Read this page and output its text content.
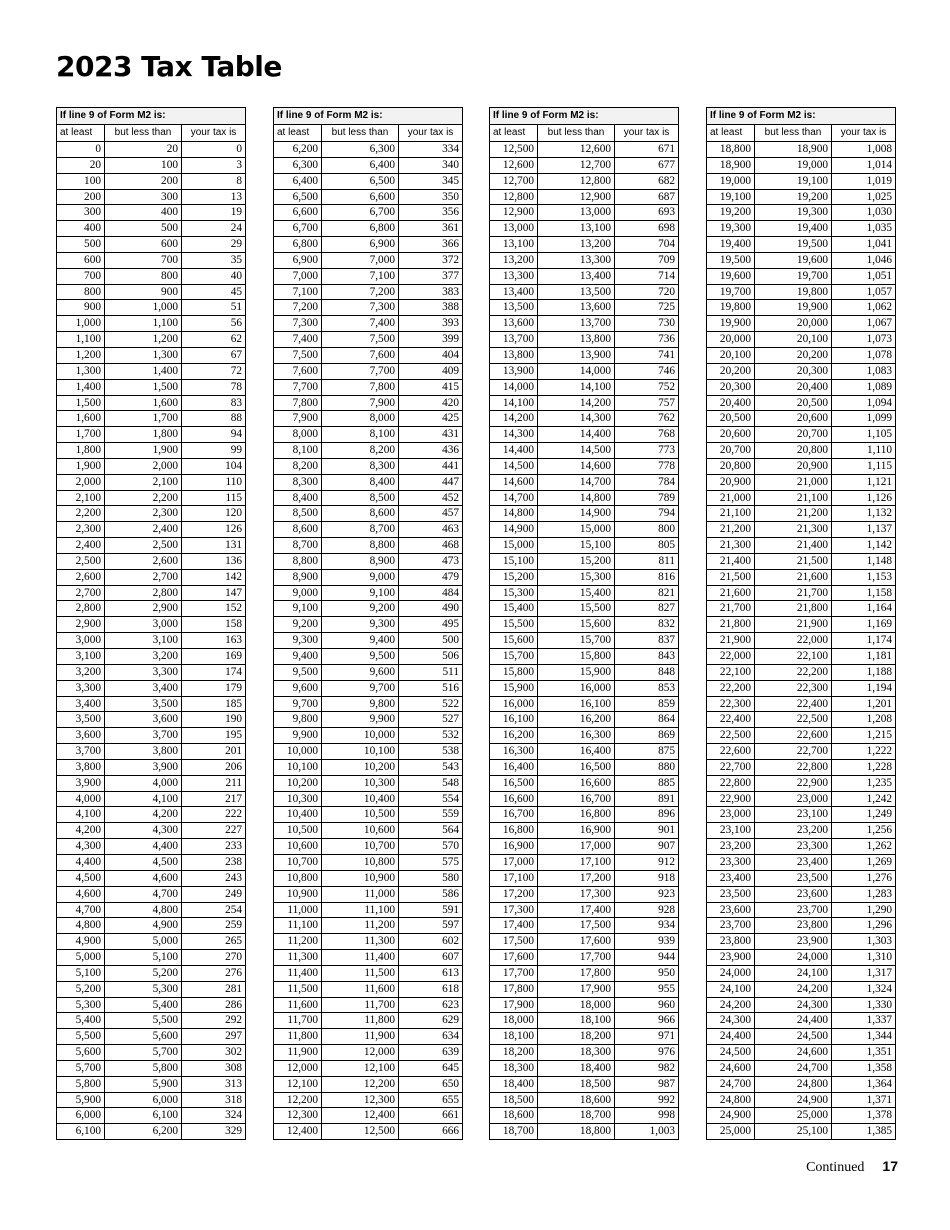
2023 Tax Table
If line 9 of Form M2 is:		
at least	but less than	your tax is
0	20	0
20	100	3
100	200	8
200	300	13
300	400	19
400	500	24
500	600	29
600	700	35
700	800	40
800	900	45
900	1,000	51
1,000	1,100	56
1,100	1,200	62
1,200	1,300	67
1,300	1,400	72
1,400	1,500	78
1,500	1,600	83
1,600	1,700	88
1,700	1,800	94
1,800	1,900	99
1,900	2,000	104
2,000	2,100	110
2,100	2,200	115
2,200	2,300	120
2,300	2,400	126
2,400	2,500	131
2,500	2,600	136
2,600	2,700	142
2,700	2,800	147
2,800	2,900	152
2,900	3,000	158
3,000	3,100	163
3,100	3,200	169
3,200	3,300	174
3,300	3,400	179
3,400	3,500	185
3,500	3,600	190
3,600	3,700	195
3,700	3,800	201
3,800	3,900	206
3,900	4,000	211
4,000	4,100	217
4,100	4,200	222
4,200	4,300	227
4,300	4,400	233
4,400	4,500	238
4,500	4,600	243
4,600	4,700	249
4,700	4,800	254
4,800	4,900	259
4,900	5,000	265
5,000	5,100	270
5,100	5,200	276
5,200	5,300	281
5,300	5,400	286
5,400	5,500	292
5,500	5,600	297
5,600	5,700	302
5,700	5,800	308
5,800	5,900	313
5,900	6,000	318
6,000	6,100	324
6,100	6,200	329
If line 9 of Form M2 is:		
at least	but less than	your tax is
6,200	6,300	334
6,300	6,400	340
6,400	6,500	345
6,500	6,600	350
6,600	6,700	356
6,700	6,800	361
6,800	6,900	366
6,900	7,000	372
7,000	7,100	377
7,100	7,200	383
7,200	7,300	388
7,300	7,400	393
7,400	7,500	399
7,500	7,600	404
7,600	7,700	409
7,700	7,800	415
7,800	7,900	420
7,900	8,000	425
8,000	8,100	431
8,100	8,200	436
8,200	8,300	441
8,300	8,400	447
8,400	8,500	452
8,500	8,600	457
8,600	8,700	463
8,700	8,800	468
8,800	8,900	473
8,900	9,000	479
9,000	9,100	484
9,100	9,200	490
9,200	9,300	495
9,300	9,400	500
9,400	9,500	506
9,500	9,600	511
9,600	9,700	516
9,700	9,800	522
9,800	9,900	527
9,900	10,000	532
10,000	10,100	538
10,100	10,200	543
10,200	10,300	548
10,300	10,400	554
10,400	10,500	559
10,500	10,600	564
10,600	10,700	570
10,700	10,800	575
10,800	10,900	580
10,900	11,000	586
11,000	11,100	591
11,100	11,200	597
11,200	11,300	602
11,300	11,400	607
11,400	11,500	613
11,500	11,600	618
11,600	11,700	623
11,700	11,800	629
11,800	11,900	634
11,900	12,000	639
12,000	12,100	645
12,100	12,200	650
12,200	12,300	655
12,300	12,400	661
12,400	12,500	666
If line 9 of Form M2 is:		
at least	but less than	your tax is
12,500	12,600	671
12,600	12,700	677
12,700	12,800	682
12,800	12,900	687
12,900	13,000	693
13,000	13,100	698
13,100	13,200	704
13,200	13,300	709
13,300	13,400	714
13,400	13,500	720
13,500	13,600	725
13,600	13,700	730
13,700	13,800	736
13,800	13,900	741
13,900	14,000	746
14,000	14,100	752
14,100	14,200	757
14,200	14,300	762
14,300	14,400	768
14,400	14,500	773
14,500	14,600	778
14,600	14,700	784
14,700	14,800	789
14,800	14,900	794
14,900	15,000	800
15,000	15,100	805
15,100	15,200	811
15,200	15,300	816
15,300	15,400	821
15,400	15,500	827
15,500	15,600	832
15,600	15,700	837
15,700	15,800	843
15,800	15,900	848
15,900	16,000	853
16,000	16,100	859
16,100	16,200	864
16,200	16,300	869
16,300	16,400	875
16,400	16,500	880
16,500	16,600	885
16,600	16,700	891
16,700	16,800	896
16,800	16,900	901
16,900	17,000	907
17,000	17,100	912
17,100	17,200	918
17,200	17,300	923
17,300	17,400	928
17,400	17,500	934
17,500	17,600	939
17,600	17,700	944
17,700	17,800	950
17,800	17,900	955
17,900	18,000	960
18,000	18,100	966
18,100	18,200	971
18,200	18,300	976
18,300	18,400	982
18,400	18,500	987
18,500	18,600	992
18,600	18,700	998
18,700	18,800	1,003
If line 9 of Form M2 is:		
at least	but less than	your tax is
18,800	18,900	1,008
18,900	19,000	1,014
19,000	19,100	1,019
19,100	19,200	1,025
19,200	19,300	1,030
19,300	19,400	1,035
19,400	19,500	1,041
19,500	19,600	1,046
19,600	19,700	1,051
19,700	19,800	1,057
19,800	19,900	1,062
19,900	20,000	1,067
20,000	20,100	1,073
20,100	20,200	1,078
20,200	20,300	1,083
20,300	20,400	1,089
20,400	20,500	1,094
20,500	20,600	1,099
20,600	20,700	1,105
20,700	20,800	1,110
20,800	20,900	1,115
20,900	21,000	1,121
21,000	21,100	1,126
21,100	21,200	1,132
21,200	21,300	1,137
21,300	21,400	1,142
21,400	21,500	1,148
21,500	21,600	1,153
21,600	21,700	1,158
21,700	21,800	1,164
21,800	21,900	1,169
21,900	22,000	1,174
22,000	22,100	1,181
22,100	22,200	1,188
22,200	22,300	1,194
22,300	22,400	1,201
22,400	22,500	1,208
22,500	22,600	1,215
22,600	22,700	1,222
22,700	22,800	1,228
22,800	22,900	1,235
22,900	23,000	1,242
23,000	23,100	1,249
23,100	23,200	1,256
23,200	23,300	1,262
23,300	23,400	1,269
23,400	23,500	1,276
23,500	23,600	1,283
23,600	23,700	1,290
23,700	23,800	1,296
23,800	23,900	1,303
23,900	24,000	1,310
24,000	24,100	1,317
24,100	24,200	1,324
24,200	24,300	1,330
24,300	24,400	1,337
24,400	24,500	1,344
24,500	24,600	1,351
24,600	24,700	1,358
24,700	24,800	1,364
24,800	24,900	1,371
24,900	25,000	1,378
25,000	25,100	1,385
Continued 17
